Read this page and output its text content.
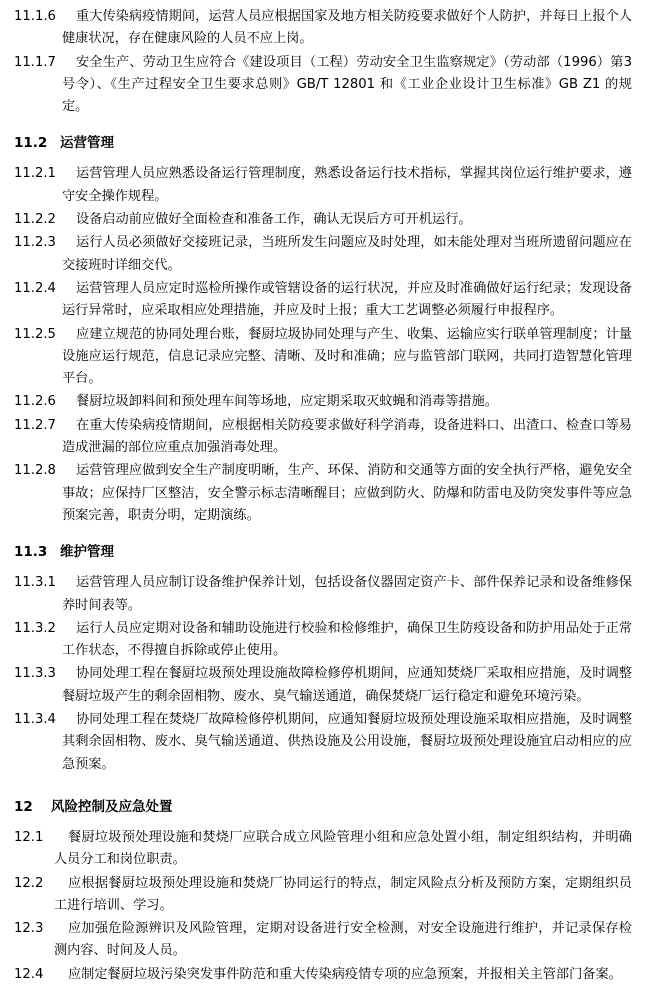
11.1.6	重大传染病疫情期间，运营人员应根据国家及地方相关防疫要求做好个人防护，并每日上报个人健康状况，存在健康风险的人员不应上岗。
11.1.7	安全生产、劳动卫生应符合《建设项目（工程）劳动安全卫生监察规定》（劳动部（1996）第3号令）、《生产过程安全卫生要求总则》GB/T 12801 和《工业企业设计卫生标准》GB Z1 的规定。
11.2 运营管理
11.2.1	运营管理人员应熟悉设备运行管理制度，熟悉设备运行技术指标，掌握其岗位运行维护要求，遵守安全操作规程。
11.2.2	设备启动前应做好全面检查和准备工作，确认无误后方可开机运行。
11.2.3	运行人员必须做好交接班记录，当班所发生问题应及时处理，如未能处理对当班所遗留问题应在交接班时详细交代。
11.2.4	运营管理人员应定时巡检所操作或管辖设备的运行状况，并应及时准确做好运行纪录；发现设备运行异常时，应采取相应处理措施，并应及时上报；重大工艺调整必须履行申报程序。
11.2.5	应建立规范的协同处理台账，餐厨垃圾协同处理与产生、收集、运输应实行联单管理制度；计量设施应运行规范，信息记录应完整、清晰、及时和准确；应与监管部门联网，共同打造智慧化管理平台。
11.2.6	餐厨垃圾卸料间和预处理车间等场地，应定期采取灭蚊蝇和消毒等措施。
11.2.7	在重大传染病疫情期间，应根据相关防疫要求做好科学消毒，设备进料口、出渣口、检查口等易造成泄漏的部位应重点加强消毒处理。
11.2.8	运营管理应做到安全生产制度明晰，生产、环保、消防和交通等方面的安全执行严格，避免安全事故；应保持厂区整洁，安全警示标志清晰醒目；应做到防火、防爆和防雷电及防突发事件等应急预案完善，职责分明，定期演练。
11.3 维护管理
11.3.1	运营管理人员应制订设备维护保养计划，包括设备仪器固定资产卡、部件保养记录和设备维修保养时间表等。
11.3.2	运行人员应定期对设备和辅助设施进行校验和检修维护，确保卫生防疫设备和防护用品处于正常工作状态，不得擅自拆除或停止使用。
11.3.3	协同处理工程在餐厨垃圾预处理设施故障检修停机期间，应通知焚烧厂采取相应措施，及时调整餐厨垃圾产生的剩余固相物、废水、臭气输送通道，确保焚烧厂运行稳定和避免环境污染。
11.3.4	协同处理工程在焚烧厂故障检修停机期间，应通知餐厨垃圾预处理设施采取相应措施，及时调整其剩余固相物、废水、臭气输送通道、供热设施及公用设施，餐厨垃圾预处理设施宜启动相应的应急预案。
12	风险控制及应急处置
12.1	餐厨垃圾预处理设施和焚烧厂应联合成立风险管理小组和应急处置小组，制定组织结构，并明确人员分工和岗位职责。
12.2	应根据餐厨垃圾预处理设施和焚烧厂协同运行的特点，制定风险点分析及预防方案，定期组织员工进行培训、学习。
12.3	应加强危险源辨识及风险管理，定期对设备进行安全检测，对安全设施进行维护，并记录保存检测内容、时间及人员。
12.4	应制定餐厨垃圾污染突发事件防范和重大传染病疫情专项的应急预案，并报相关主管部门备案。
